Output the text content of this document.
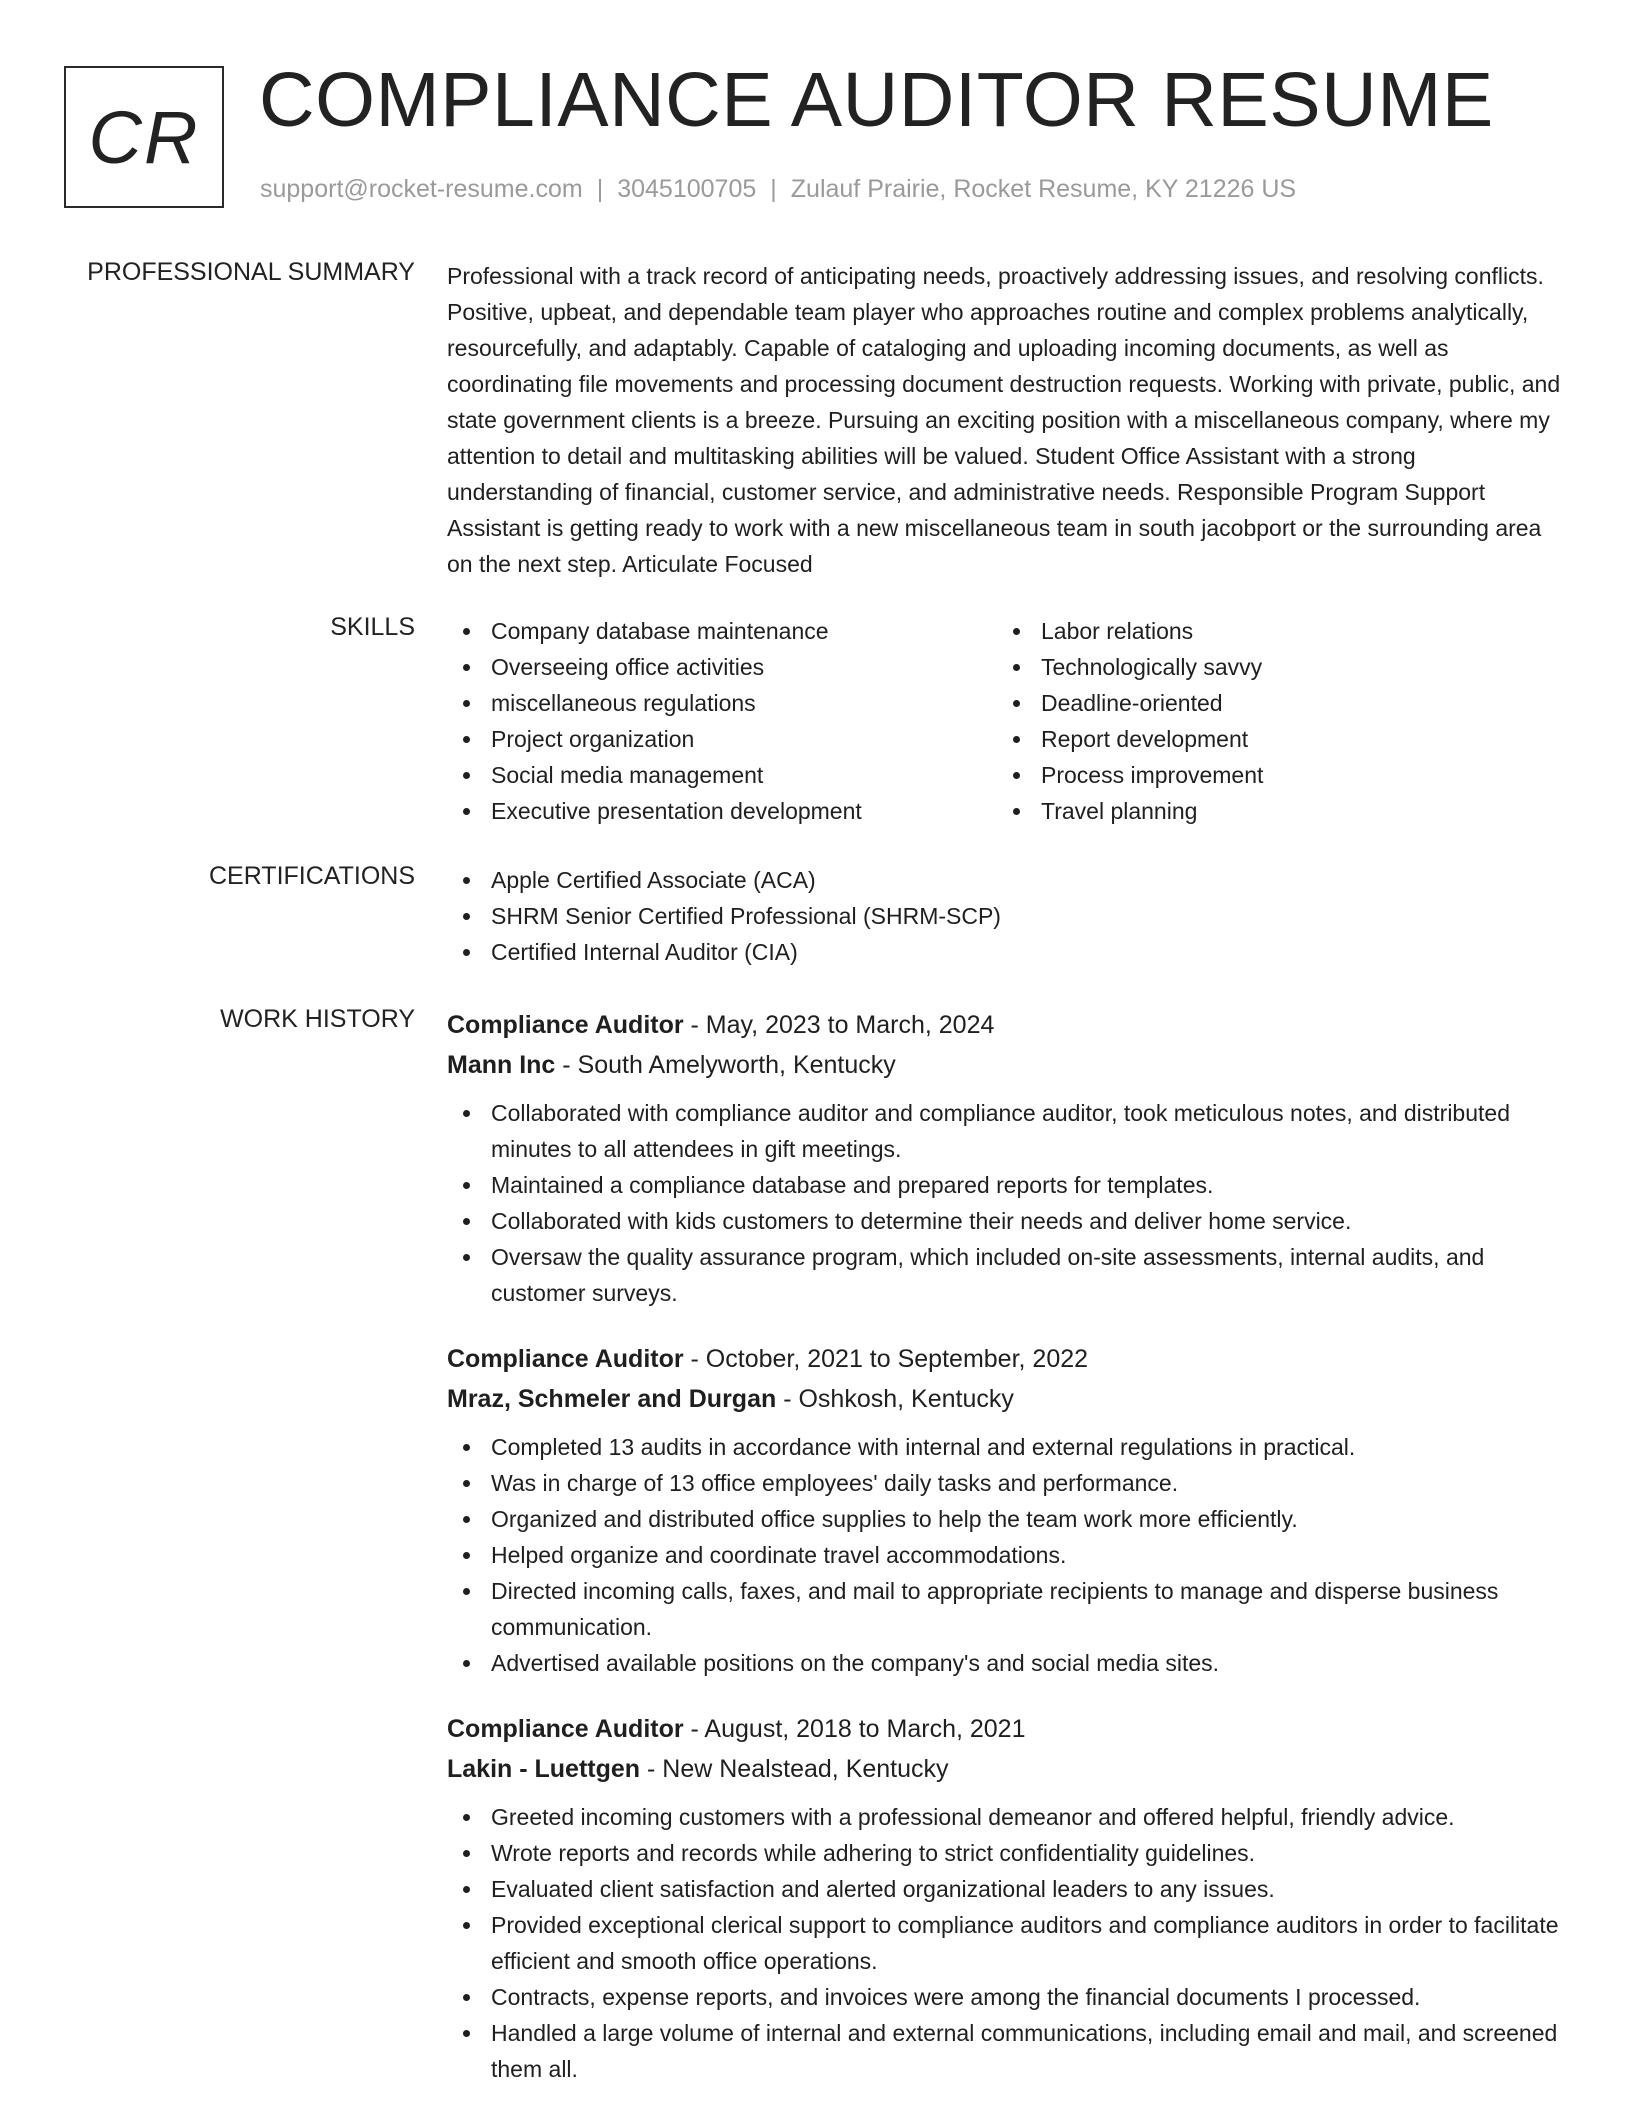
CR COMPLIANCE AUDITOR RESUME
support@rocket-resume.com | 3045100705 | Zulauf Prairie, Rocket Resume, KY 21226 US
PROFESSIONAL SUMMARY Professional with a track record of anticipating needs, proactively addressing issues, and resolving conflicts. Positive, upbeat, and dependable team player who approaches routine and complex problems analytically, resourcefully, and adaptably. Capable of cataloging and uploading incoming documents, as well as coordinating file movements and processing document destruction requests. Working with private, public, and state government clients is a breeze. Pursuing an exciting position with a miscellaneous company, where my attention to detail and multitasking abilities will be valued. Student Office Assistant with a strong understanding of financial, customer service, and administrative needs. Responsible Program Support Assistant is getting ready to work with a new miscellaneous team in south jacobport or the surrounding area on the next step. Articulate Focused

SKILLS	Company database maintenance
Overseeing office activities
miscellaneous regulations
Project organization
Social media management
Executive presentation development
Labor relations
Technologically savvy
Deadline-oriented
Report development
Process improvement
Travel planning
CERTIFICATIONS	Apple Certified Associate (ACA)
SHRM Senior Certified Professional (SHRM-SCP)
Certified Internal Auditor (CIA)
WORK HISTORY Compliance Auditor - May, 2023 to March, 2024
Mann Inc - South Amelyworth, Kentucky
Collaborated with compliance auditor and compliance auditor, took meticulous notes, and distributed minutes to all attendees in gift meetings.
Maintained a compliance database and prepared reports for templates.
Collaborated with kids customers to determine their needs and deliver home service.
Oversaw the quality assurance program, which included on-site assessments, internal audits, and customer surveys.
Compliance Auditor - October, 2021 to September, 2022
Mraz, Schmeler and Durgan - Oshkosh, Kentucky
Completed 13 audits in accordance with internal and external regulations in practical.
Was in charge of 13 office employees' daily tasks and performance.
Organized and distributed office supplies to help the team work more efficiently.
Helped organize and coordinate travel accommodations.
Directed incoming calls, faxes, and mail to appropriate recipients to manage and disperse business communication.
Advertised available positions on the company's and social media sites.
Compliance Auditor - August, 2018 to March, 2021
Lakin - Luettgen - New Nealstead, Kentucky
Greeted incoming customers with a professional demeanor and offered helpful, friendly advice.
Wrote reports and records while adhering to strict confidentiality guidelines.
Evaluated client satisfaction and alerted organizational leaders to any issues.
Provided exceptional clerical support to compliance auditors and compliance auditors in order to facilitate efficient and smooth office operations.
Contracts, expense reports, and invoices were among the financial documents I processed.
Handled a large volume of internal and external communications, including email and mail, and screened them all.
